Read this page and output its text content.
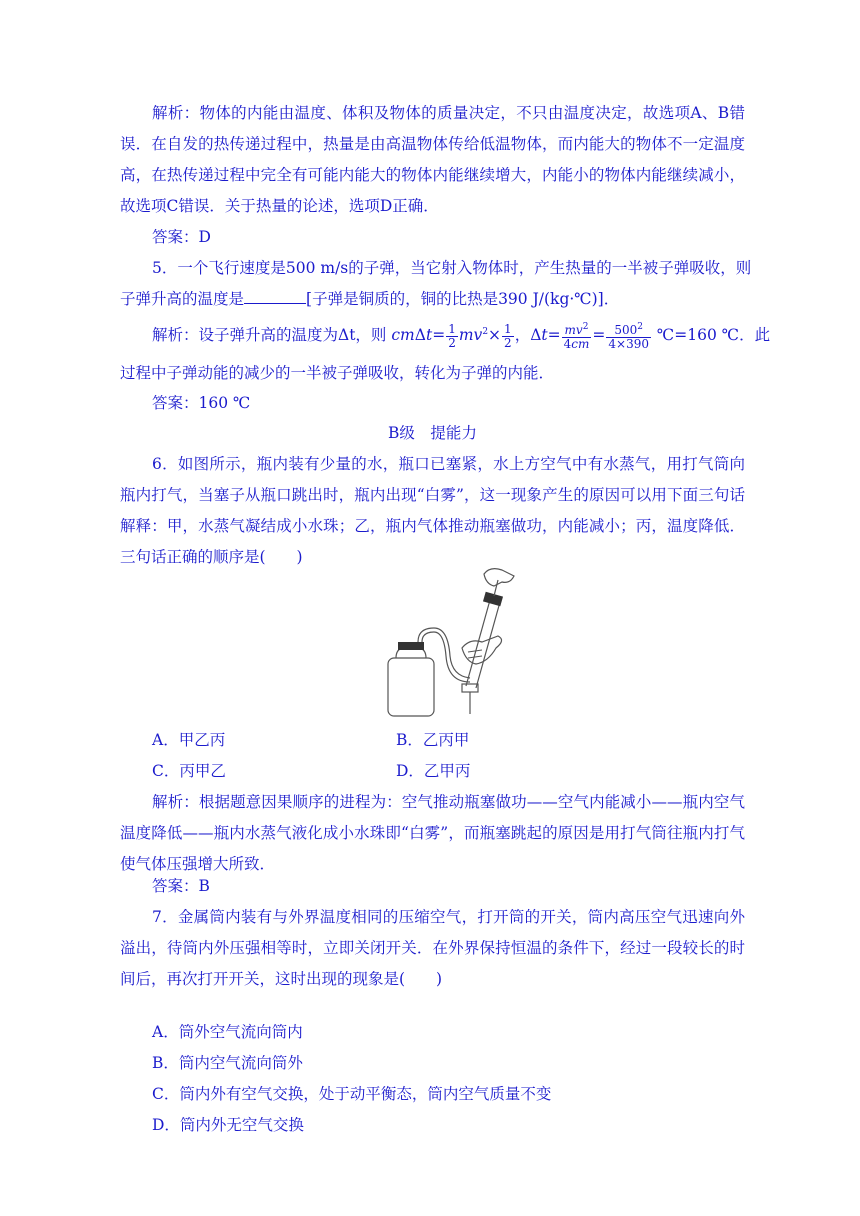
解析：物体的内能由温度、体积及物体的质量决定，不只由温度决定，故选项A、B错误．在自发的热传递过程中，热量是由高温物体传给低温物体，而内能大的物体不一定温度高，在热传递过程中完全有可能内能大的物体内能继续增大，内能小的物体内能继续减小，故选项C错误．关于热量的论述，选项D正确．

答案：D

5．一个飞行速度是500 m/s的子弹，当它射入物体时，产生热量的一半被子弹吸收，则

子弹升高的温度是	[子弹是铜质的，铜的比热是390 J/(kg·℃)]．

解析：设子弹升高的温度为Δt，则 $cm\Delta t= \frac{1}{2} mv^2\times \frac{1}{2}$ ，$\Delta t= \frac{mv^2}{4cm} = \frac{500^2}{4\times 390}$ ℃=160 ℃．此

过程中子弹动能的减少的一半被子弹吸收，转化为子弹的内能．

答案：160 ℃

B级　提能力

6．如图所示，瓶内装有少量的水，瓶口已塞紧，水上方空气中有水蒸气，用打气筒向瓶内打气，当塞子从瓶口跳出时，瓶内出现“白雾”，这一现象产生的原因可以用下面三句话解释：甲，水蒸气凝结成小水珠；乙，瓶内气体推动瓶塞做功，内能减小；丙，温度降低．三句话正确的顺序是(　　)

A．甲乙丙	B．乙丙甲
C．丙甲乙	D．乙甲丙

解析：根据题意因果顺序的进程为：空气推动瓶塞做功——空气内能减小——瓶内空气温度降低——瓶内水蒸气液化成小水珠即“白雾”，而瓶塞跳起的原因是用打气筒往瓶内打气使气体压强增大所致．

答案：B

7．金属筒内装有与外界温度相同的压缩空气，打开筒的开关，筒内高压空气迅速向外溢出，待筒内外压强相等时，立即关闭开关．在外界保持恒温的条件下，经过一段较长的时间后，再次打开开关，这时出现的现象是(　　)

A．筒外空气流向筒内
B．筒内空气流向筒外
C．筒内外有空气交换，处于动平衡态，筒内空气质量不变
D．筒内外无空气交换
